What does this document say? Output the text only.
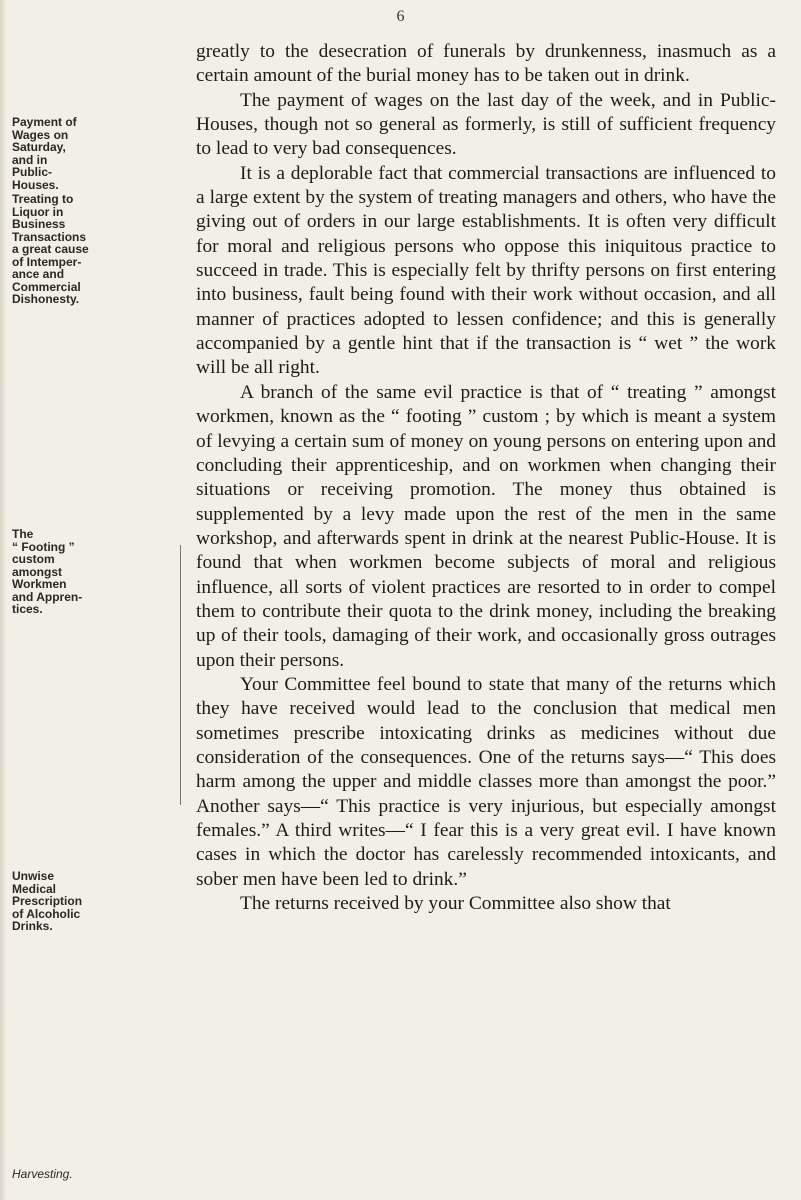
6

greatly to the desecration of funerals by drunkenness, inasmuch as a certain amount of the burial money has to be taken out in drink.

The payment of wages on the last day of the week, and in Public-Houses, though not so general as formerly, is still of sufficient frequency to lead to very bad consequences.

It is a deplorable fact that commercial transactions are influenced to a large extent by the system of treating managers and others, who have the giving out of orders in our large establishments. It is often very difficult for moral and religious persons who oppose this iniquitous practice to succeed in trade. This is especially felt by thrifty persons on first entering into business, fault being found with their work without occasion, and all manner of practices adopted to lessen confidence; and this is generally accompanied by a gentle hint that if the transaction is “ wet ” the work will be all right.

A branch of the same evil practice is that of “ treating ” amongst workmen, known as the “ footing ” custom ; by which is meant a system of levying a certain sum of money on young persons on entering upon and concluding their apprenticeship, and on workmen when changing their situations or receiving promotion. The money thus obtained is supplemented by a levy made upon the rest of the men in the same workshop, and afterwards spent in drink at the nearest Public-House. It is found that when workmen become subjects of moral and religious influence, all sorts of violent practices are resorted to in order to compel them to contribute their quota to the drink money, including the breaking up of their tools, damaging of their work, and occasionally gross outrages upon their persons.

Your Committee feel bound to state that many of the returns which they have received would lead to the conclusion that medical men sometimes prescribe intoxicating drinks as medicines without due consideration of the consequences. One of the returns says—“ This does harm among the upper and middle classes more than amongst the poor.” Another says—“ This practice is very injurious, but especially amongst females.” A third writes—“ I fear this is a very great evil. I have known cases in which the doctor has carelessly recommended intoxicants, and sober men have been led to drink.”

The returns received by your Committee also show that

Payment of
Wages on
Saturday,
and in
Public-
Houses.
Treating to
Liquor in
Business
Transactions
a great cause
of Intemper-
ance and
Commercial
Dishonesty.
The
“ Footing ”
custom
amongst
Workmen
and Appren-
tices.
Unwise
Medical
Prescription
of Alcoholic
Drinks.
Harvesting.
